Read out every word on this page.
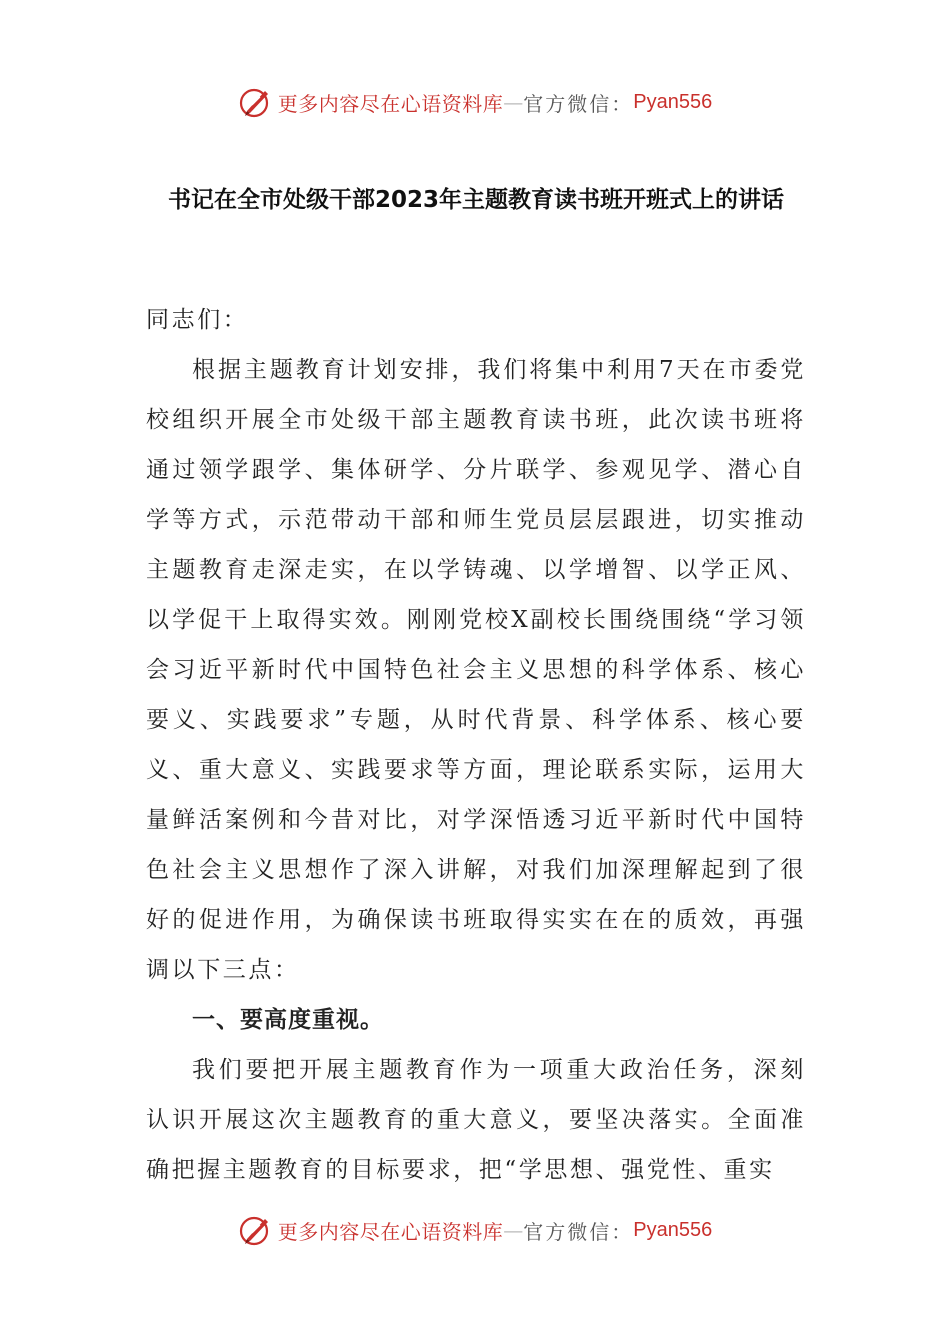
更多内容尽在心语资料库 — 官方微信： Pyan556
书记在全市处级干部2023年主题教育读书班开班式上的讲话

同志们：

根据主题教育计划安排，我们将集中利用7天在市委党校组织开展全市处级干部主题教育读书班，此次读书班将通过领学跟学、集体研学、分片联学、参观见学、潜心自学等方式，示范带动干部和师生党员层层跟进，切实推动主题教育走深走实，在以学铸魂、以学增智、以学正风、以学促干上取得实效。刚刚党校X副校长围绕围绕“学习领会习近平新时代中国特色社会主义思想的科学体系、核心要义、实践要求”专题，从时代背景、科学体系、核心要义、重大意义、实践要求等方面，理论联系实际，运用大量鲜活案例和今昔对比，对学深悟透习近平新时代中国特色社会主义思想作了深入讲解，对我们加深理解起到了很好的促进作用，为确保读书班取得实实在在的质效，再强调以下三点：

一、要高度重视。

我们要把开展主题教育作为一项重大政治任务，深刻认识开展这次主题教育的重大意义，要坚决落实。全面准确把握主题教育的目标要求，把“学思想、强党性、重实

更多内容尽在心语资料库 — 官方微信： Pyan556
